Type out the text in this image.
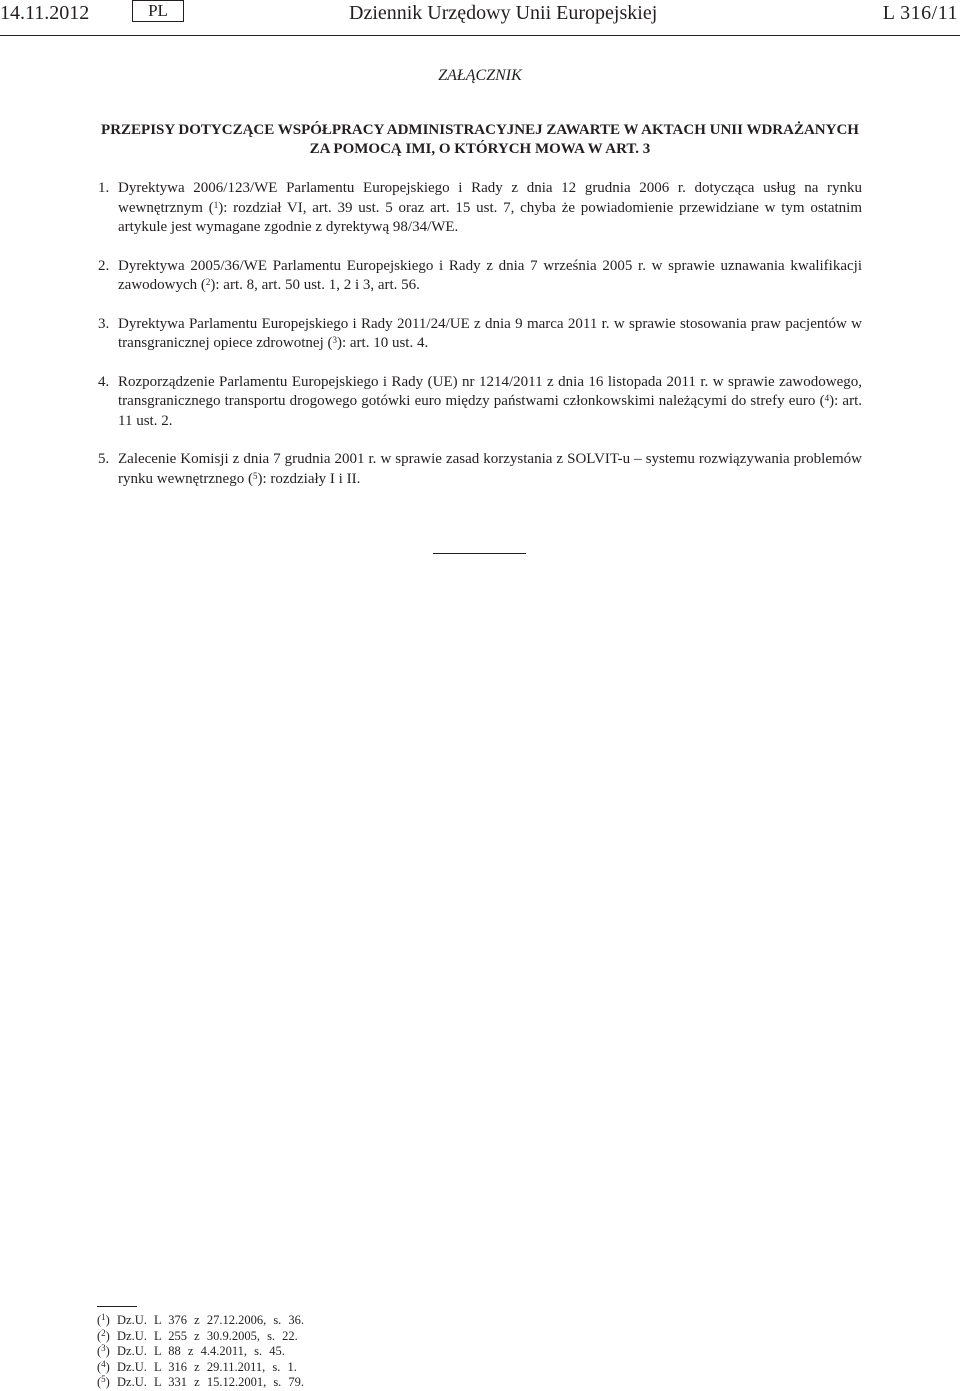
14.11.2012	PL	Dziennik Urzędowy Unii Europejskiej	L 316/11
ZAŁĄCZNIK
PRZEPISY DOTYCZĄCE WSPÓŁPRACY ADMINISTRACYJNEJ ZAWARTE W AKTACH UNII WDRAŻANYCH
ZA POMOCĄ IMI, O KTÓRYCH MOWA W ART. 3
1. Dyrektywa 2006/123/WE Parlamentu Europejskiego i Rady z dnia 12 grudnia 2006 r. dotycząca usług na rynku wewnętrznym ($^1$): rozdział VI, art. 39 ust. 5 oraz art. 15 ust. 7, chyba że powiadomienie przewidziane w tym ostatnim artykule jest wymagane zgodnie z dyrektywą 98/34/WE.
2. Dyrektywa 2005/36/WE Parlamentu Europejskiego i Rady z dnia 7 września 2005 r. w sprawie uznawania kwalifikacji zawodowych ($^2$): art. 8, art. 50 ust. 1, 2 i 3, art. 56.
3. Dyrektywa Parlamentu Europejskiego i Rady 2011/24/UE z dnia 9 marca 2011 r. w sprawie stosowania praw pacjentów w transgranicznej opiece zdrowotnej ($^3$): art. 10 ust. 4.
4. Rozporządzenie Parlamentu Europejskiego i Rady (UE) nr 1214/2011 z dnia 16 listopada 2011 r. w sprawie zawodowego, transgranicznego transportu drogowego gotówki euro między państwami członkowskimi należącymi do strefy euro ($^4$): art. 11 ust. 2.
5. Zalecenie Komisji z dnia 7 grudnia 2001 r. w sprawie zasad korzystania z SOLVIT-u – systemu rozwiązywania problemów rynku wewnętrznego ($^5$): rozdziały I i II.
($^1$) Dz.U. L 376 z 27.12.2006, s. 36.
($^2$) Dz.U. L 255 z 30.9.2005, s. 22.
($^3$) Dz.U. L 88 z 4.4.2011, s. 45.
($^4$) Dz.U. L 316 z 29.11.2011, s. 1.
($^5$) Dz.U. L 331 z 15.12.2001, s. 79.
